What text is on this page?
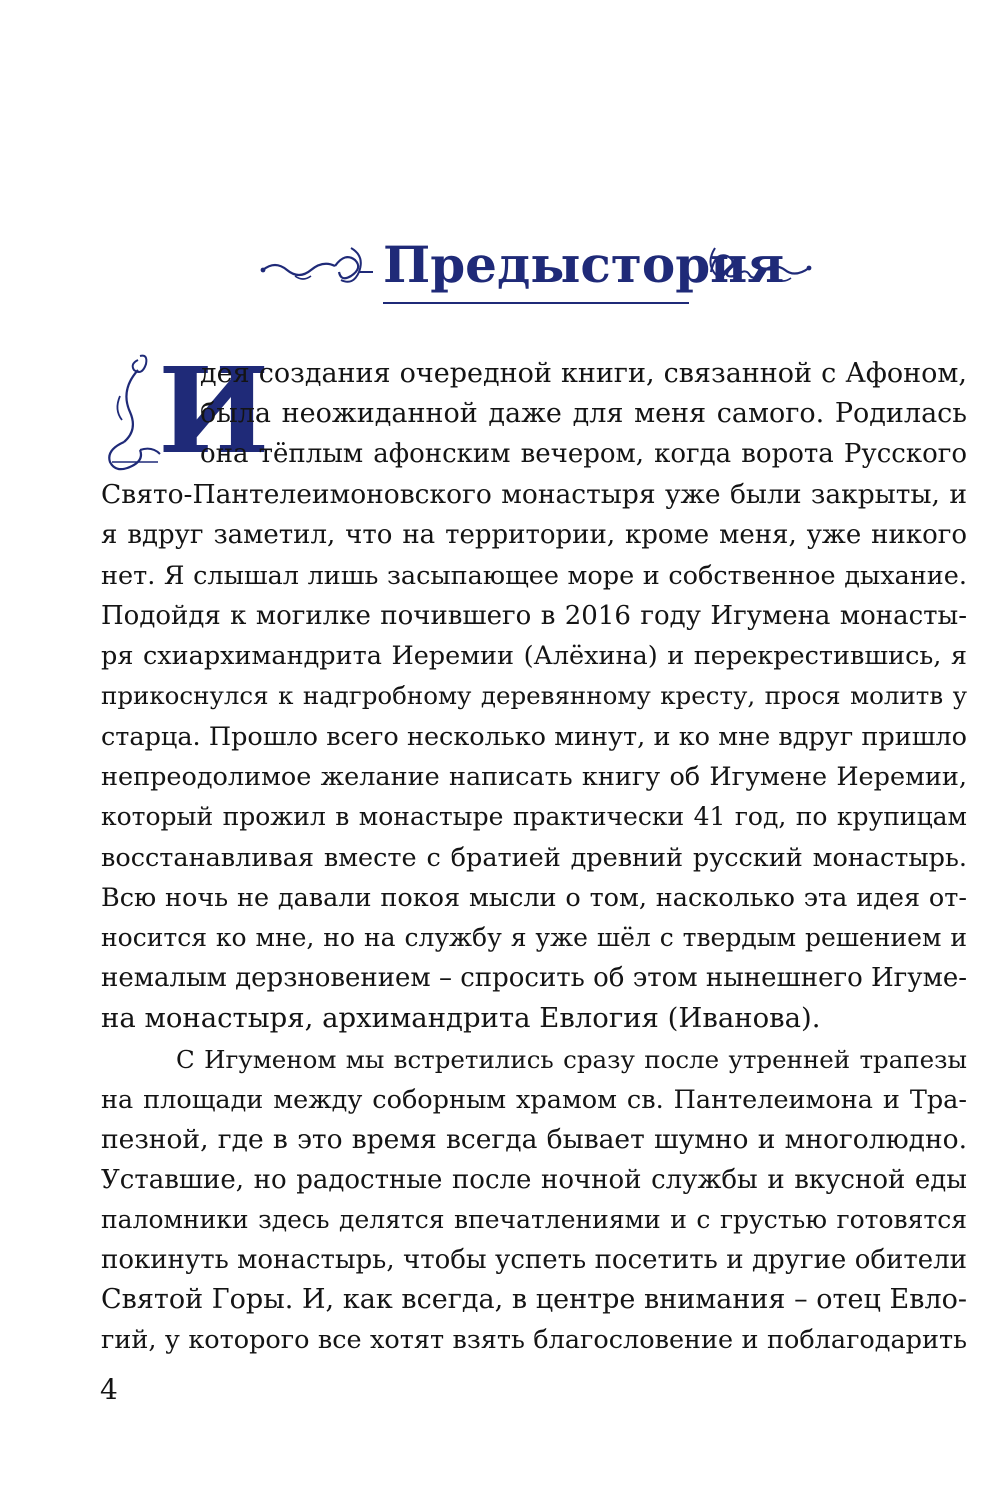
Предыстория
И
дея создания очередной книги, связанной с Афоном,
была неожиданной даже для меня самого. Родилась
она тёплым афонским вечером, когда ворота Русского
Свято-Пантелеимоновского монастыря уже были закрыты, и
я вдруг заметил, что на территории, кроме меня, уже никого
нет. Я слышал лишь засыпающее море и собственное дыхание.
Подойдя к могилке почившего в 2016 году Игумена монасты-
ря схиархимандрита Иеремии (Алёхина) и перекрестившись, я
прикоснулся к надгробному деревянному кресту, прося молитв у
старца. Прошло всего несколько минут, и ко мне вдруг пришло
непреодолимое желание написать книгу об Игумене Иеремии,
который прожил в монастыре практически 41 год, по крупицам
восстанавливая вместе с братией древний русский монастырь.
Всю ночь не давали покоя мысли о том, насколько эта идея от-
носится ко мне, но на службу я уже шёл с твердым решением и
немалым дерзновением – спросить об этом нынешнего Игуме-
на монастыря, архимандрита Евлогия (Иванова).
С Игуменом мы встретились сразу после утренней трапезы
на площади между соборным храмом св. Пантелеимона и Тра-
пезной, где в это время всегда бывает шумно и многолюдно.
Уставшие, но радостные после ночной службы и вкусной еды
паломники здесь делятся впечатлениями и с грустью готовятся
покинуть монастырь, чтобы успеть посетить и другие обители
Святой Горы. И, как всегда, в центре внимания – отец Евло-
гий, у которого все хотят взять благословение и поблагодарить
4
